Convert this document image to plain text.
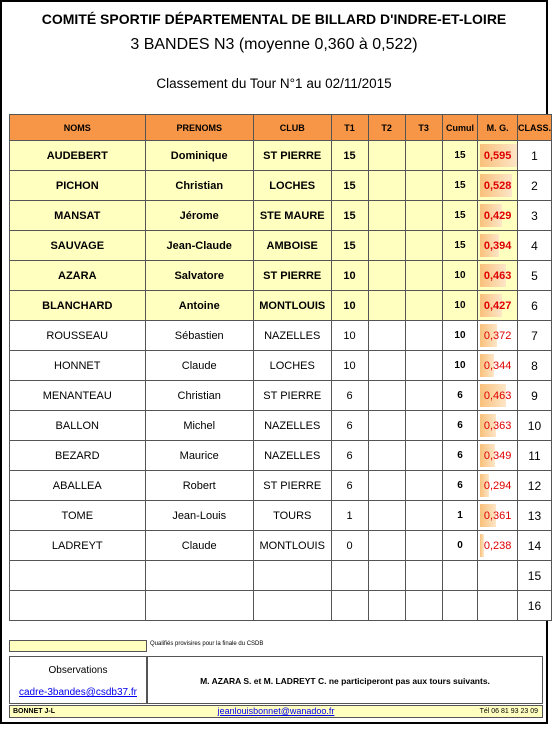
COMITÉ SPORTIF DÉPARTEMENTAL DE BILLARD D'INDRE-ET-LOIRE
3 BANDES N3 (moyenne 0,360 à 0,522)
Classement du Tour N°1 au 02/11/2015
NOMS	PRENOMS	CLUB	T1	T2	T3	Cumul	M. G.	CLASS.
AUDEBERT	Dominique	ST PIERRE	15			15	0,595	1
PICHON	Christian	LOCHES	15			15	0,528	2
MANSAT	Jérome	STE MAURE	15			15	0,429	3
SAUVAGE	Jean-Claude	AMBOISE	15			15	0,394	4
AZARA	Salvatore	ST PIERRE	10			10	0,463	5
BLANCHARD	Antoine	MONTLOUIS	10			10	0,427	6
ROUSSEAU	Sébastien	NAZELLES	10			10	0,372	7
HONNET	Claude	LOCHES	10			10	0,344	8
MENANTEAU	Christian	ST PIERRE	6			6	0,463	9
BALLON	Michel	NAZELLES	6			6	0,363	10
BEZARD	Maurice	NAZELLES	6			6	0,349	11
ABALLEA	Robert	ST PIERRE	6			6	0,294	12
TOME	Jean-Louis	TOURS	1			1	0,361	13
LADREYT	Claude	MONTLOUIS	0			0	0,238	14
								15
								16
Qualifiés provisires pour la finale du CSDB
Observations
cadre-3bandes@csdb37.fr
M. AZARA S. et M. LADREYT C. ne participeront pas aux tours suivants.
BONNET J-L	jeanlouisbonnet@wanadoo.fr	Tél 06 81 93 23 09
